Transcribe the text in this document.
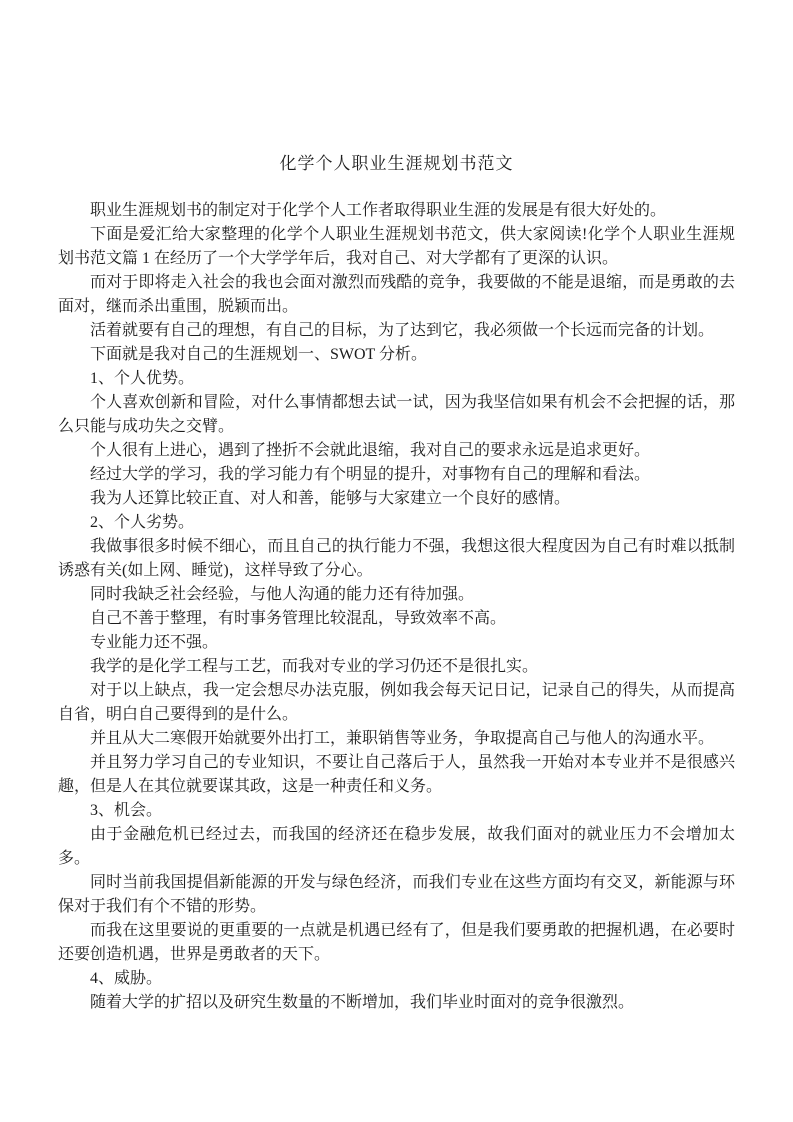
化学个人职业生涯规划书范文

职业生涯规划书的制定对于化学个人工作者取得职业生涯的发展是有很大好处的。

下面是爱汇给大家整理的化学个人职业生涯规划书范文，供大家阅读!化学个人职业生涯规划书范文篇 1 在经历了一个大学学年后，我对自己、对大学都有了更深的认识。

而对于即将走入社会的我也会面对激烈而残酷的竞争，我要做的不能是退缩，而是勇敢的去面对，继而杀出重围，脱颖而出。

活着就要有自己的理想，有自己的目标，为了达到它，我必须做一个长远而完备的计划。

下面就是我对自己的生涯规划一、SWOT 分析。

1、个人优势。

个人喜欢创新和冒险，对什么事情都想去试一试，因为我坚信如果有机会不会把握的话，那么只能与成功失之交臂。

个人很有上进心，遇到了挫折不会就此退缩，我对自己的要求永远是追求更好。

经过大学的学习，我的学习能力有个明显的提升，对事物有自己的理解和看法。

我为人还算比较正直、对人和善，能够与大家建立一个良好的感情。

2、个人劣势。

我做事很多时候不细心，而且自己的执行能力不强，我想这很大程度因为自己有时难以抵制诱惑有关(如上网、睡觉)，这样导致了分心。

同时我缺乏社会经验，与他人沟通的能力还有待加强。

自己不善于整理，有时事务管理比较混乱，导致效率不高。

专业能力还不强。

我学的是化学工程与工艺，而我对专业的学习仍还不是很扎实。

对于以上缺点，我一定会想尽办法克服，例如我会每天记日记，记录自己的得失，从而提高自省，明白自己要得到的是什么。

并且从大二寒假开始就要外出打工，兼职销售等业务，争取提高自己与他人的沟通水平。

并且努力学习自己的专业知识，不要让自己落后于人，虽然我一开始对本专业并不是很感兴趣，但是人在其位就要谋其政，这是一种责任和义务。

3、机会。

由于金融危机已经过去，而我国的经济还在稳步发展，故我们面对的就业压力不会增加太多。

同时当前我国提倡新能源的开发与绿色经济，而我们专业在这些方面均有交叉，新能源与环保对于我们有个不错的形势。

而我在这里要说的更重要的一点就是机遇已经有了，但是我们要勇敢的把握机遇，在必要时还要创造机遇，世界是勇敢者的天下。

4、威胁。

随着大学的扩招以及研究生数量的不断增加，我们毕业时面对的竞争很激烈。
